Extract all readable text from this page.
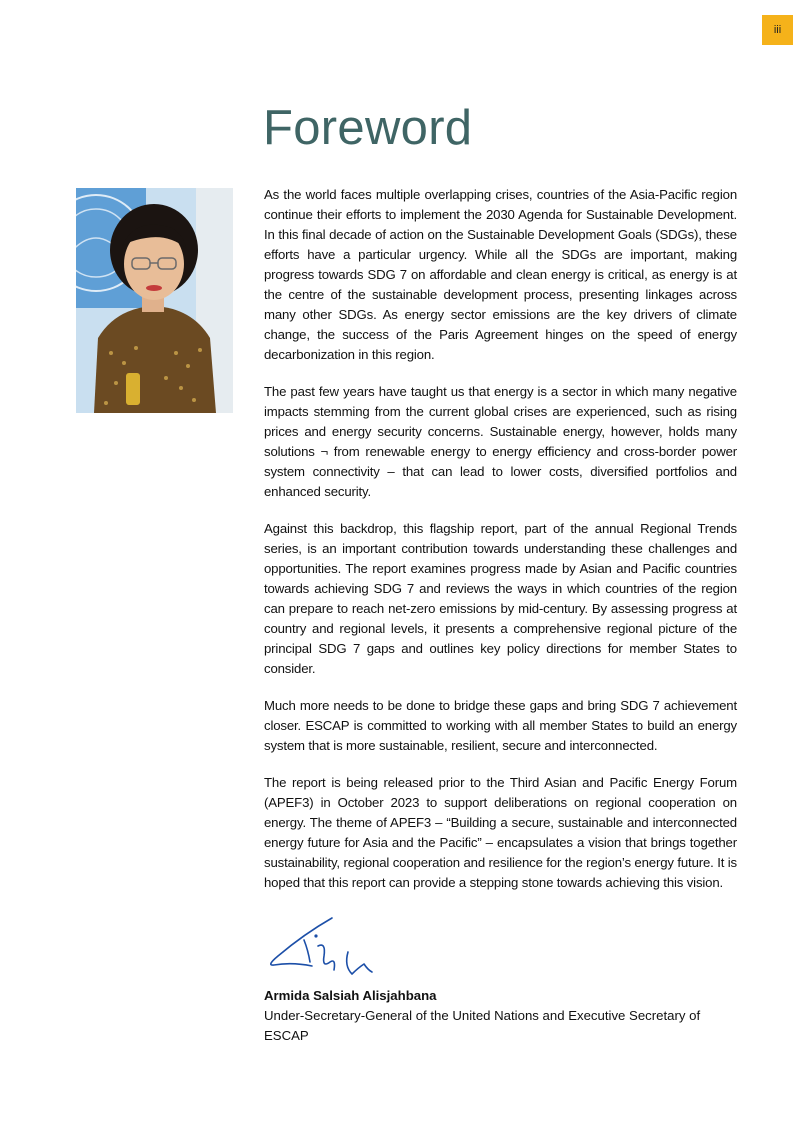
iii
Foreword

As the world faces multiple overlapping crises, countries of the Asia-Pacific region continue their efforts to implement the 2030 Agenda for Sustainable Development. In this final decade of action on the Sustainable Development Goals (SDGs), these efforts have a particular urgency. While all the SDGs are important, making progress towards SDG 7 on affordable and clean energy is critical, as energy is at the centre of the sustainable development process, presenting linkages across many other SDGs. As energy sector emissions are the key drivers of climate change, the success of the Paris Agreement hinges on the speed of energy decarbonization in this region.

The past few years have taught us that energy is a sector in which many negative impacts stemming from the current global crises are experienced, such as rising prices and energy security concerns. Sustainable energy, however, holds many solutions ¬ from renewable energy to energy efficiency and cross-border power system connectivity – that can lead to lower costs, diversified portfolios and enhanced security.

Against this backdrop, this flagship report, part of the annual Regional Trends series, is an important contribution towards understanding these challenges and opportunities. The report examines progress made by Asian and Pacific countries towards achieving SDG 7 and reviews the ways in which countries of the region can prepare to reach net-zero emissions by mid-century. By assessing progress at country and regional levels, it presents a comprehensive regional picture of the principal SDG 7 gaps and outlines key policy directions for member States to consider.

Much more needs to be done to bridge these gaps and bring SDG 7 achievement closer. ESCAP is committed to working with all member States to build an energy system that is more sustainable, resilient, secure and interconnected.

The report is being released prior to the Third Asian and Pacific Energy Forum (APEF3) in October 2023 to support deliberations on regional cooperation on energy. The theme of APEF3 – “Building a secure, sustainable and interconnected energy future for Asia and the Pacific” – encapsulates a vision that brings together sustainability, regional cooperation and resilience for the region’s energy future. It is hoped that this report can provide a stepping stone towards achieving this vision.

Armida Salsiah Alisjahbana
Under-Secretary-General of the United Nations and Executive Secretary of ESCAP
